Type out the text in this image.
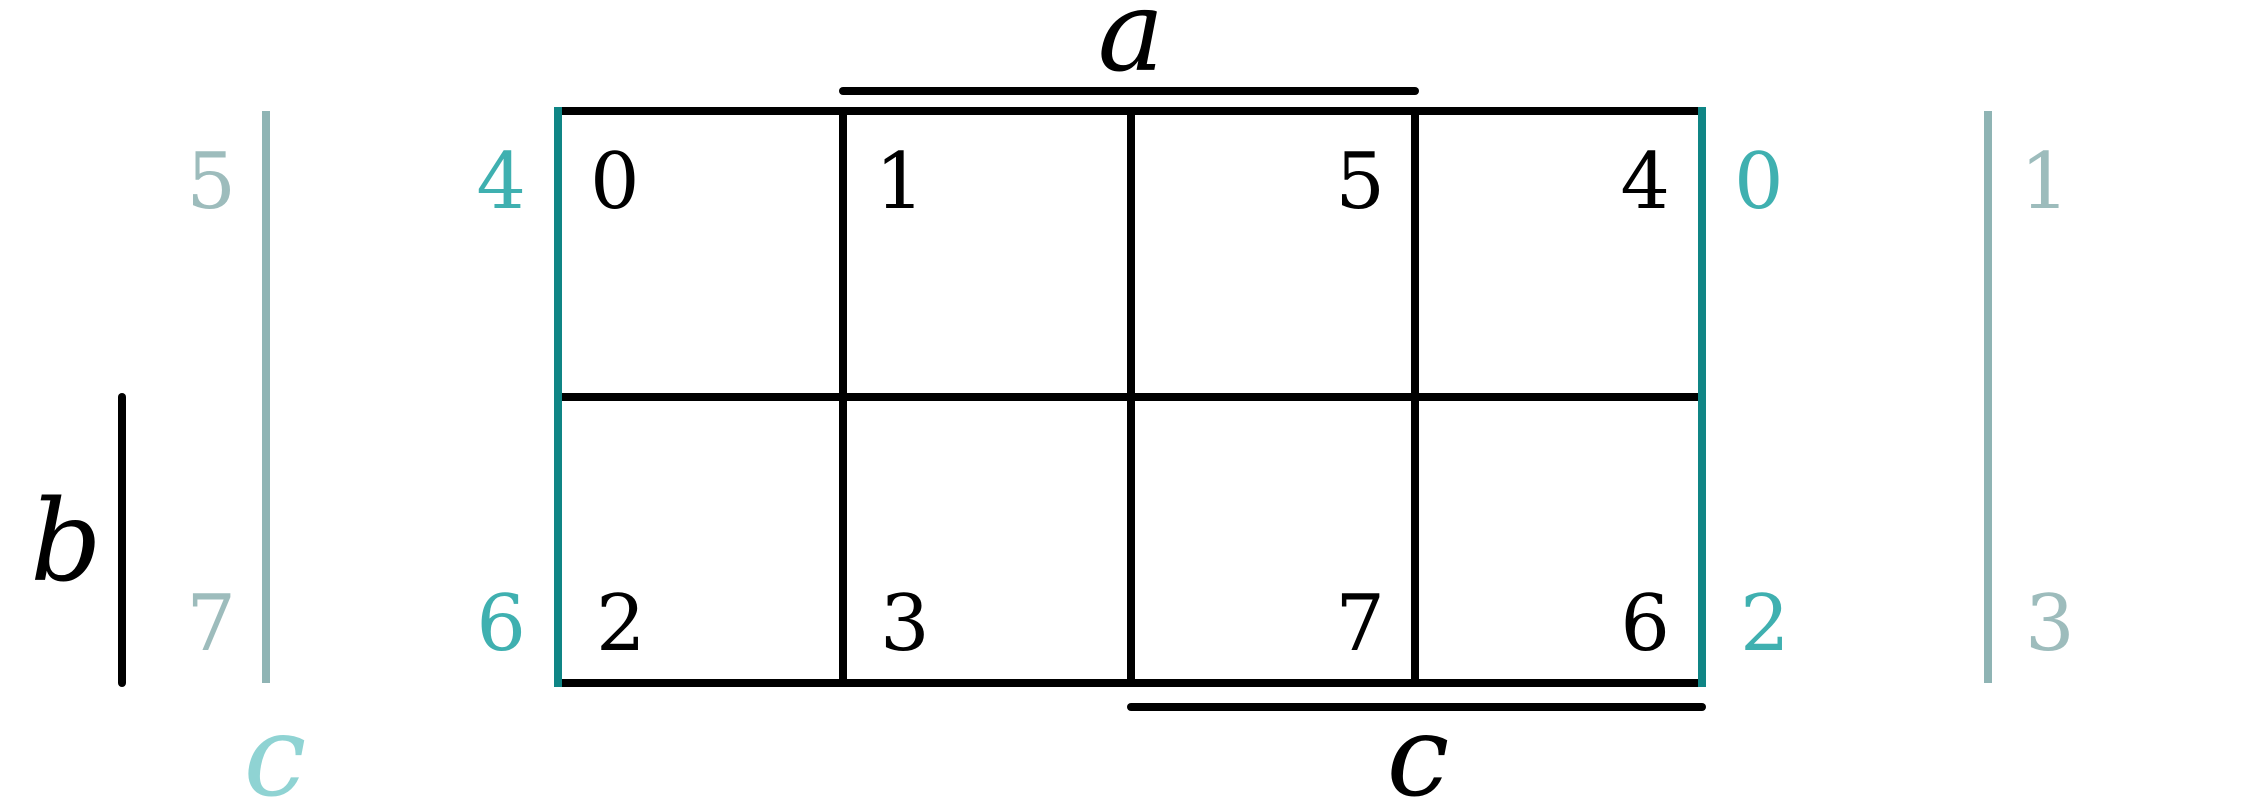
a
b
c
c
0	1	5	4
2	3	7	6
5	4
7	6
0	1
2	3
